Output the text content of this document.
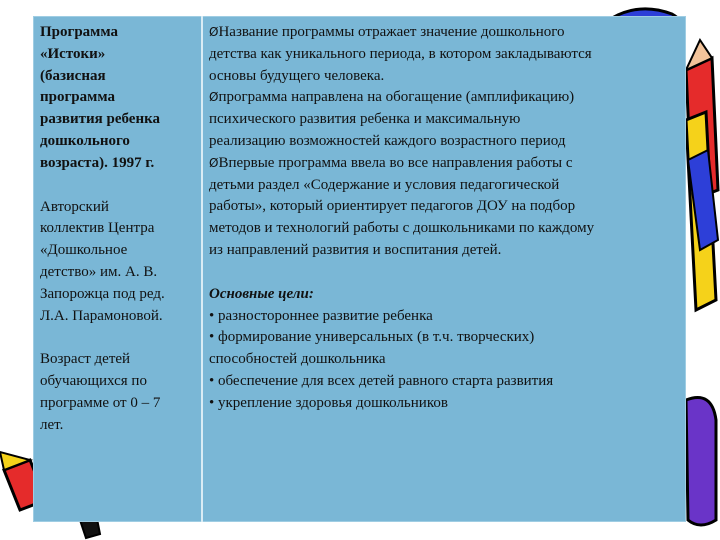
Программа

«Истоки»

(базисная

программа

развития ребенка

дошкольного

возраста). 1997 г.

Авторский

коллектив Центра

«Дошкольное

детство» им. А. В.

Запорожца под ред.

Л.А. Парамоновой.

Возраст детей

обучающихся по

программе от 0 – 7

лет.

ØНазвание программы отражает значение дошкольного

детства как уникального периода, в котором закладываются

основы будущего человека.

Øпрограмма направлена на обогащение (амплификацию)

психического развития ребенка и максимальную

реализацию возможностей каждого возрастного период

ØВпервые программа ввела во все направления работы с

детьми раздел «Содержание и условия педагогической

работы», который ориентирует педагогов ДОУ на подбор

методов и технологий работы с дошкольниками по каждому

из направлений развития и воспитания детей.

Основные цели:

• разностороннее развитие ребенка

• формирование универсальных (в т.ч. творческих)

способностей дошкольника

• обеспечение для всех детей равного старта развития

• укрепление здоровья дошкольников
